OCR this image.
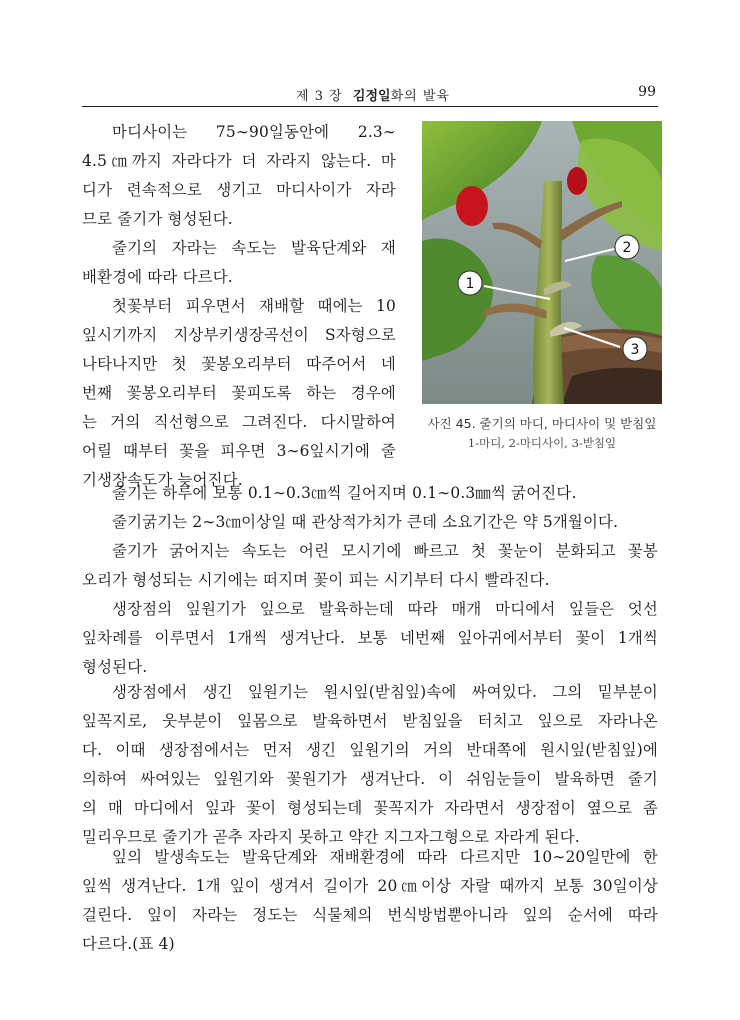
제 3 장 김정일화의 발육	99
마디사이는 75∼90일동안에 2.3∼
4.5㎝까지 자라다가 더 자라지 않는다. 마
디가 련속적으로 생기고 마디사이가 자라
므로 줄기가 형성된다.
줄기의 자라는 속도는 발육단계와 재
배환경에 따라 다르다.
첫꽃부터 피우면서 재배할 때에는 10
잎시기까지 지상부키생장곡선이 S자형으로
나타나지만 첫 꽃봉오리부터 따주어서 네
번째 꽃봉오리부터 꽃피도록 하는 경우에
는 거의 직선형으로 그려진다. 다시말하여
어릴 때부터 꽃을 피우면 3∼6잎시기에 줄
기생장속도가 늦어진다.
1
2
3
사진 45. 줄기의 마디, 마디사이 및 받침잎
1-마디, 2-마디사이, 3-받침잎
줄기는 하루에 보통 0.1∼0.3㎝씩 길어지며 0.1∼0.3㎜씩 굵어진다.
줄기굵기는 2∼3㎝이상일 때 관상적가치가 큰데 소요기간은 약 5개월이다.
줄기가 굵어지는 속도는 어린 모시기에 빠르고 첫 꽃눈이 분화되고 꽃봉
오리가 형성되는 시기에는 떠지며 꽃이 피는 시기부터 다시 빨라진다.
생장점의 잎원기가 잎으로 발육하는데 따라 매개 마디에서 잎들은 엇선
잎차례를 이루면서 1개씩 생겨난다. 보통 네번째 잎아귀에서부터 꽃이 1개씩
형성된다.
생장점에서 생긴 잎원기는 원시잎(받침잎)속에 싸여있다. 그의 밑부분이
잎꼭지로, 웃부분이 잎몸으로 발육하면서 받침잎을 터치고 잎으로 자라나온
다. 이때 생장점에서는 먼저 생긴 잎원기의 거의 반대쪽에 원시잎(받침잎)에
의하여 싸여있는 잎원기와 꽃원기가 생겨난다. 이 쉬임눈들이 발육하면 줄기
의 매 마디에서 잎과 꽃이 형성되는데 꽃꼭지가 자라면서 생장점이 옆으로 좀
밀리우므로 줄기가 곧추 자라지 못하고 약간 지그자그형으로 자라게 된다.
잎의 발생속도는 발육단계와 재배환경에 따라 다르지만 10∼20일만에 한
잎씩 생겨난다. 1개 잎이 생겨서 길이가 20㎝이상 자랄 때까지 보통 30일이상
걸린다. 잎이 자라는 정도는 식물체의 번식방법뿐아니라 잎의 순서에 따라
다르다.(표 4)
